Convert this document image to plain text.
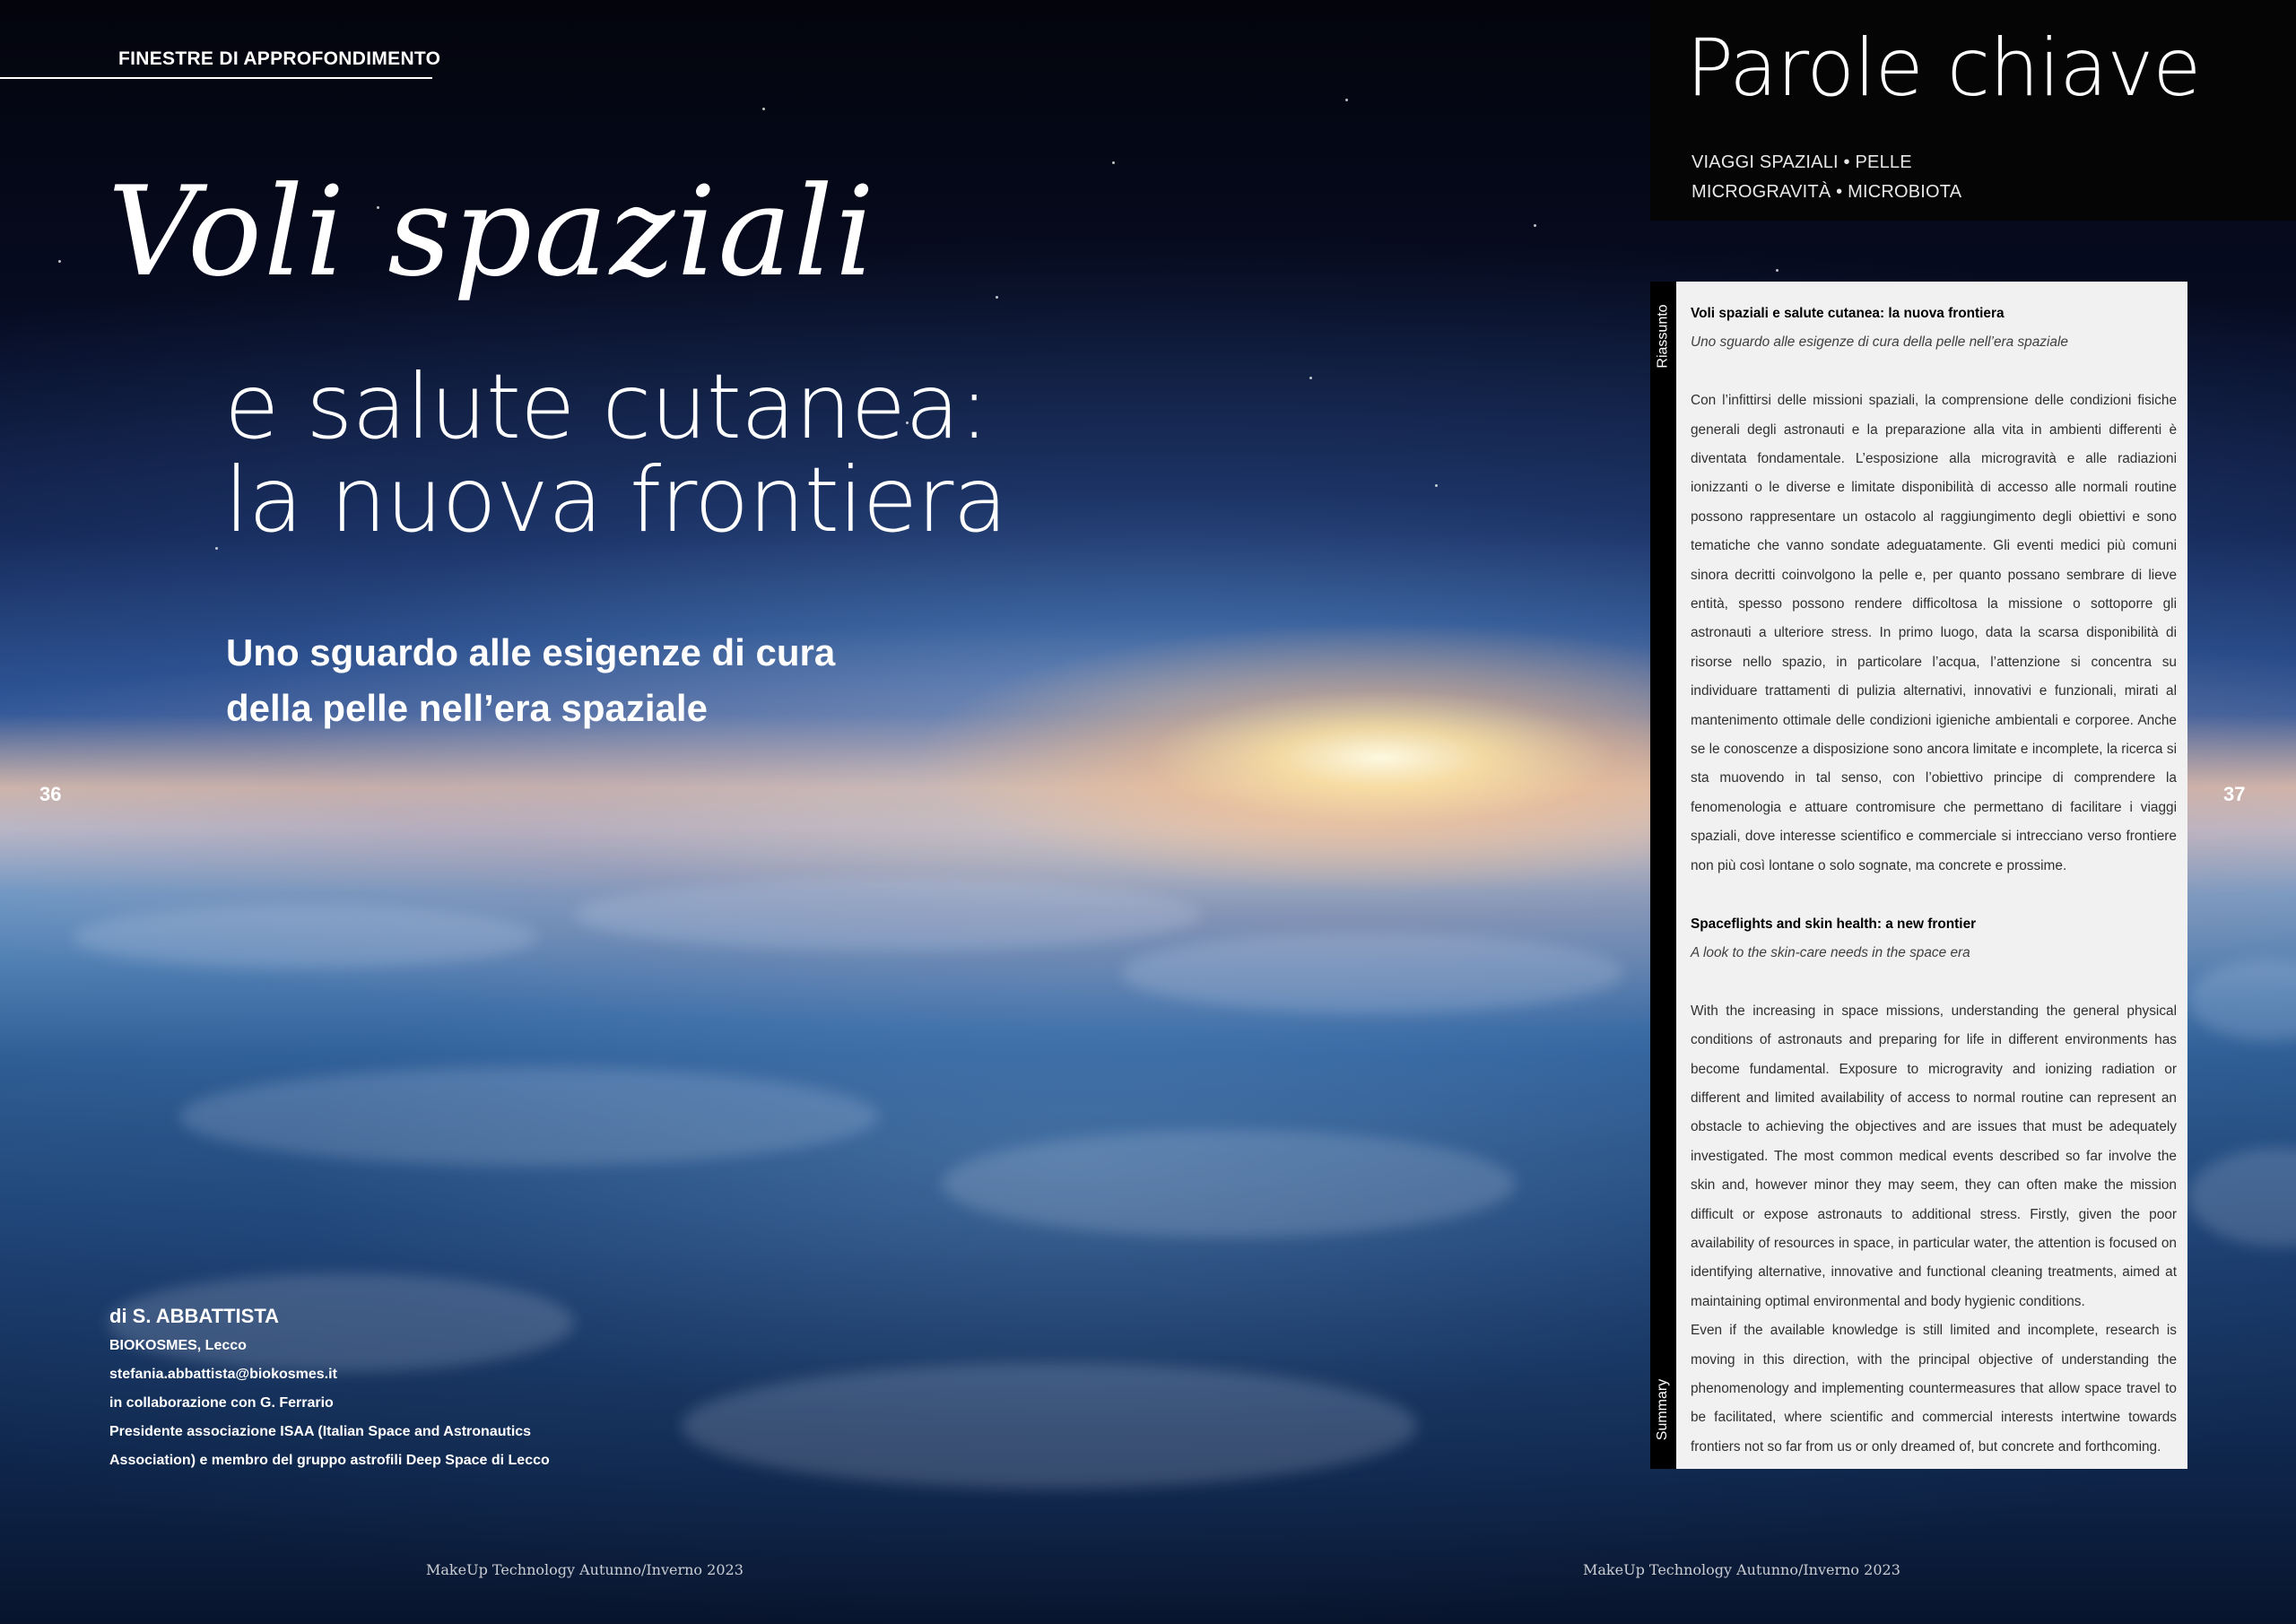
FINESTRE DI APPROFONDIMENTO
Voli spaziali
e salute cutanea:
la nuova frontiera
Uno sguardo alle esigenze di cura
della pelle nell’era spaziale
36	37
di S. ABBATTISTA
BIOKOSMES, Lecco
stefania.abbattista@biokosmes.it
in collaborazione con G. Ferrario
Presidente associazione ISAA (Italian Space and Astronautics
Association) e membro del gruppo astrofili Deep Space di Lecco
MakeUp Technology Autunno/Inverno 2023	MakeUp Technology Autunno/Inverno 2023
Parole chiave
VIAGGI SPAZIALI • PELLE
MICROGRAVITÀ • MICROBIOTA
Riassunto
Summary

Voli spaziali e salute cutanea: la nuova frontiera

Uno sguardo alle esigenze di cura della pelle nell’era spaziale

Con l’infittirsi delle missioni spaziali, la comprensione delle condizioni fisiche generali degli astronauti e la preparazione alla vita in ambienti differenti è diventata fondamentale. L’esposizione alla microgravità e alle radiazioni ionizzanti o le diverse e limitate disponibilità di accesso alle normali routine possono rappresentare un ostacolo al raggiungimento degli obiettivi e sono tematiche che vanno sondate adeguatamente. Gli eventi medici più comuni sinora decritti coinvolgono la pelle e, per quanto possano sembrare di lieve entità, spesso possono rendere difficoltosa la missione o sottoporre gli astronauti a ulteriore stress. In primo luogo, data la scarsa disponibilità di risorse nello spazio, in particolare l’acqua, l’attenzione si concentra su individuare trattamenti di pulizia alternativi, innovativi e funzionali, mirati al mantenimento ottimale delle condizioni igieniche ambientali e corporee. Anche se le conoscenze a disposizione sono ancora limitate e incomplete, la ricerca si sta muovendo in tal senso, con l’obiettivo principe di comprendere la fenomenologia e attuare contromisure che permettano di facilitare i viaggi spaziali, dove interesse scientifico e commerciale si intrecciano verso frontiere non più così lontane o solo sognate, ma concrete e prossime.

Spaceflights and skin health: a new frontier

A look to the skin-care needs in the space era

With the increasing in space missions, understanding the general physical conditions of astronauts and preparing for life in different environments has become fundamental. Exposure to microgravity and ionizing radiation or different and limited availability of access to normal routine can represent an obstacle to achieving the objectives and are issues that must be adequately investigated. The most common medical events described so far involve the skin and, however minor they may seem, they can often make the mission difficult or expose astronauts to additional stress. Firstly, given the poor availability of resources in space, in particular water, the attention is focused on identifying alternative, innovative and functional cleaning treatments, aimed at maintaining optimal environmental and body hygienic conditions.

Even if the available knowledge is still limited and incomplete, research is moving in this direction, with the principal objective of understanding the phenomenology and implementing countermeasures that allow space travel to be facilitated, where scientific and commercial interests intertwine towards frontiers not so far from us or only dreamed of, but concrete and forthcoming.
